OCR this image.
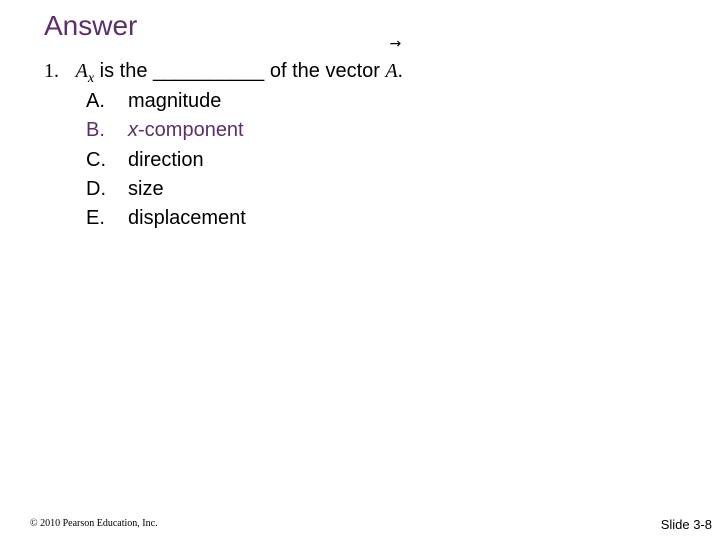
Answer
1. $A_x$ is the __________ of the vector
→
A.
A.	magnitude
B.	x-component
C.	direction
D.	size
E.	displacement
© 2010 Pearson Education, Inc.	Slide 3-8
